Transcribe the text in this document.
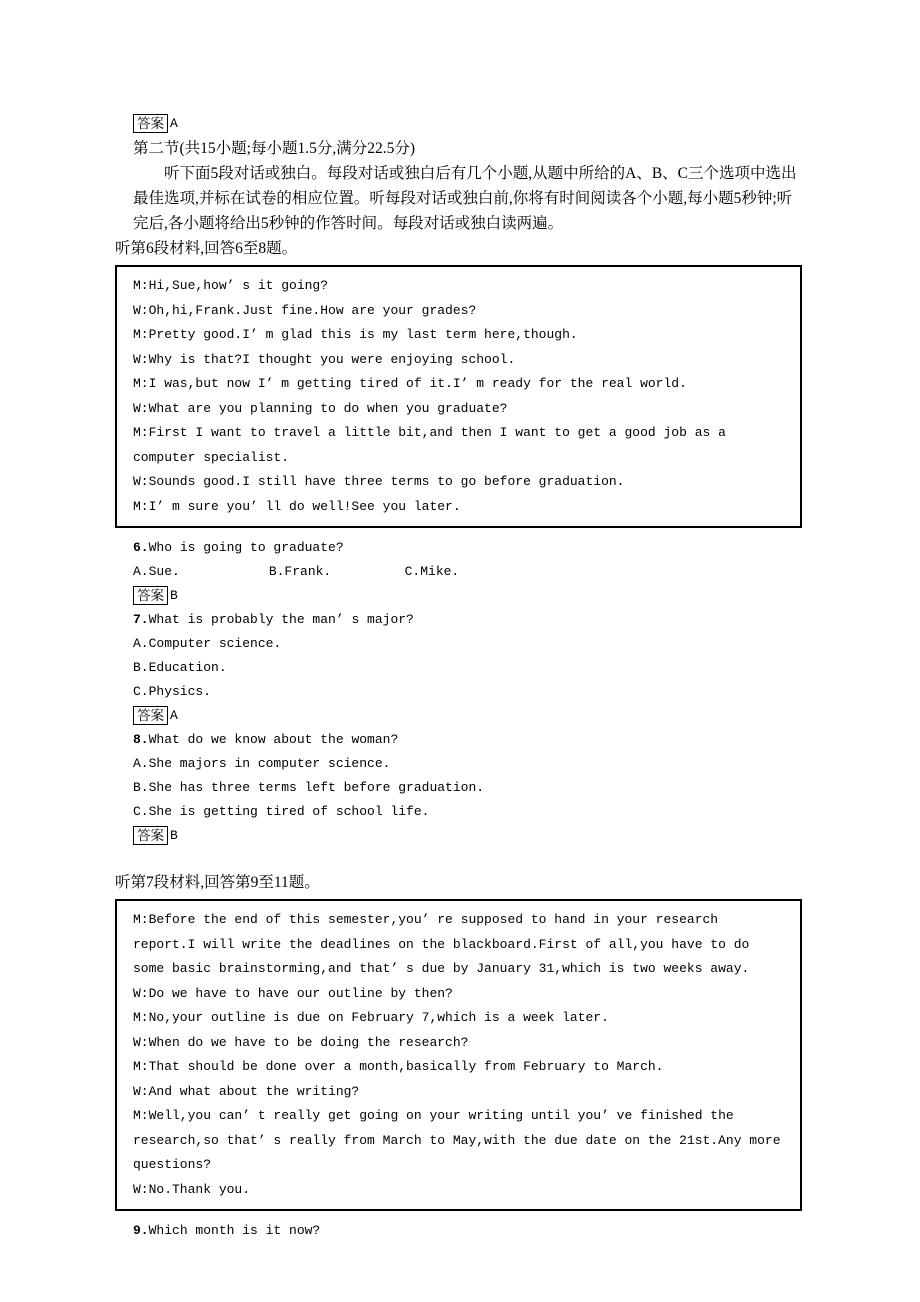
答案 A
第二节(共15小题;每小题1.5分,满分22.5分)

听下面5段对话或独白。每段对话或独白后有几个小题,从题中所给的A、B、C三个选项中选出最佳选项,并标在试卷的相应位置。听每段对话或独白前,你将有时间阅读各个小题,每小题5秒钟;听完后,各小题将给出5秒钟的作答时间。每段对话或独白读两遍。

听第6段材料,回答6至8题。

M:Hi,Sue,how’ s it going?

W:Oh,hi,Frank.Just fine.How are your grades?

M:Pretty good.I’ m glad this is my last term here,though.

W:Why is that?I thought you were enjoying school.

M:I was,but now I’ m getting tired of it.I’ m ready for the real world.

W:What are you planning to do when you graduate?

M:First I want to travel a little bit,and then I want to get a good job as a computer specialist.

W:Sounds good.I still have three terms to go before graduation.

M:I’ m sure you’ ll do well!See you later.

6.Who is going to graduate?
A.Sue.	B.Frank.	C.Mike.
答案 B
7.What is probably the man’ s major?
A.Computer science.
B.Education.
C.Physics.
答案 A
8.What do we know about the woman?
A.She majors in computer science.
B.She has three terms left before graduation.
C.She is getting tired of school life.
答案 B
听第7段材料,回答第9至11题。

M:Before the end of this semester,you’ re supposed to hand in your research report.I will write the deadlines on the blackboard.First of all,you have to do some basic brainstorming,and that’ s due by January 31,which is two weeks away.

W:Do we have to have our outline by then?

M:No,your outline is due on February 7,which is a week later.

W:When do we have to be doing the research?

M:That should be done over a month,basically from February to March.

W:And what about the writing?

M:Well,you can’ t really get going on your writing until you’ ve finished the research,so that’ s really from March to May,with the due date on the 21st.Any more questions?

W:No.Thank you.

9.Which month is it now?
